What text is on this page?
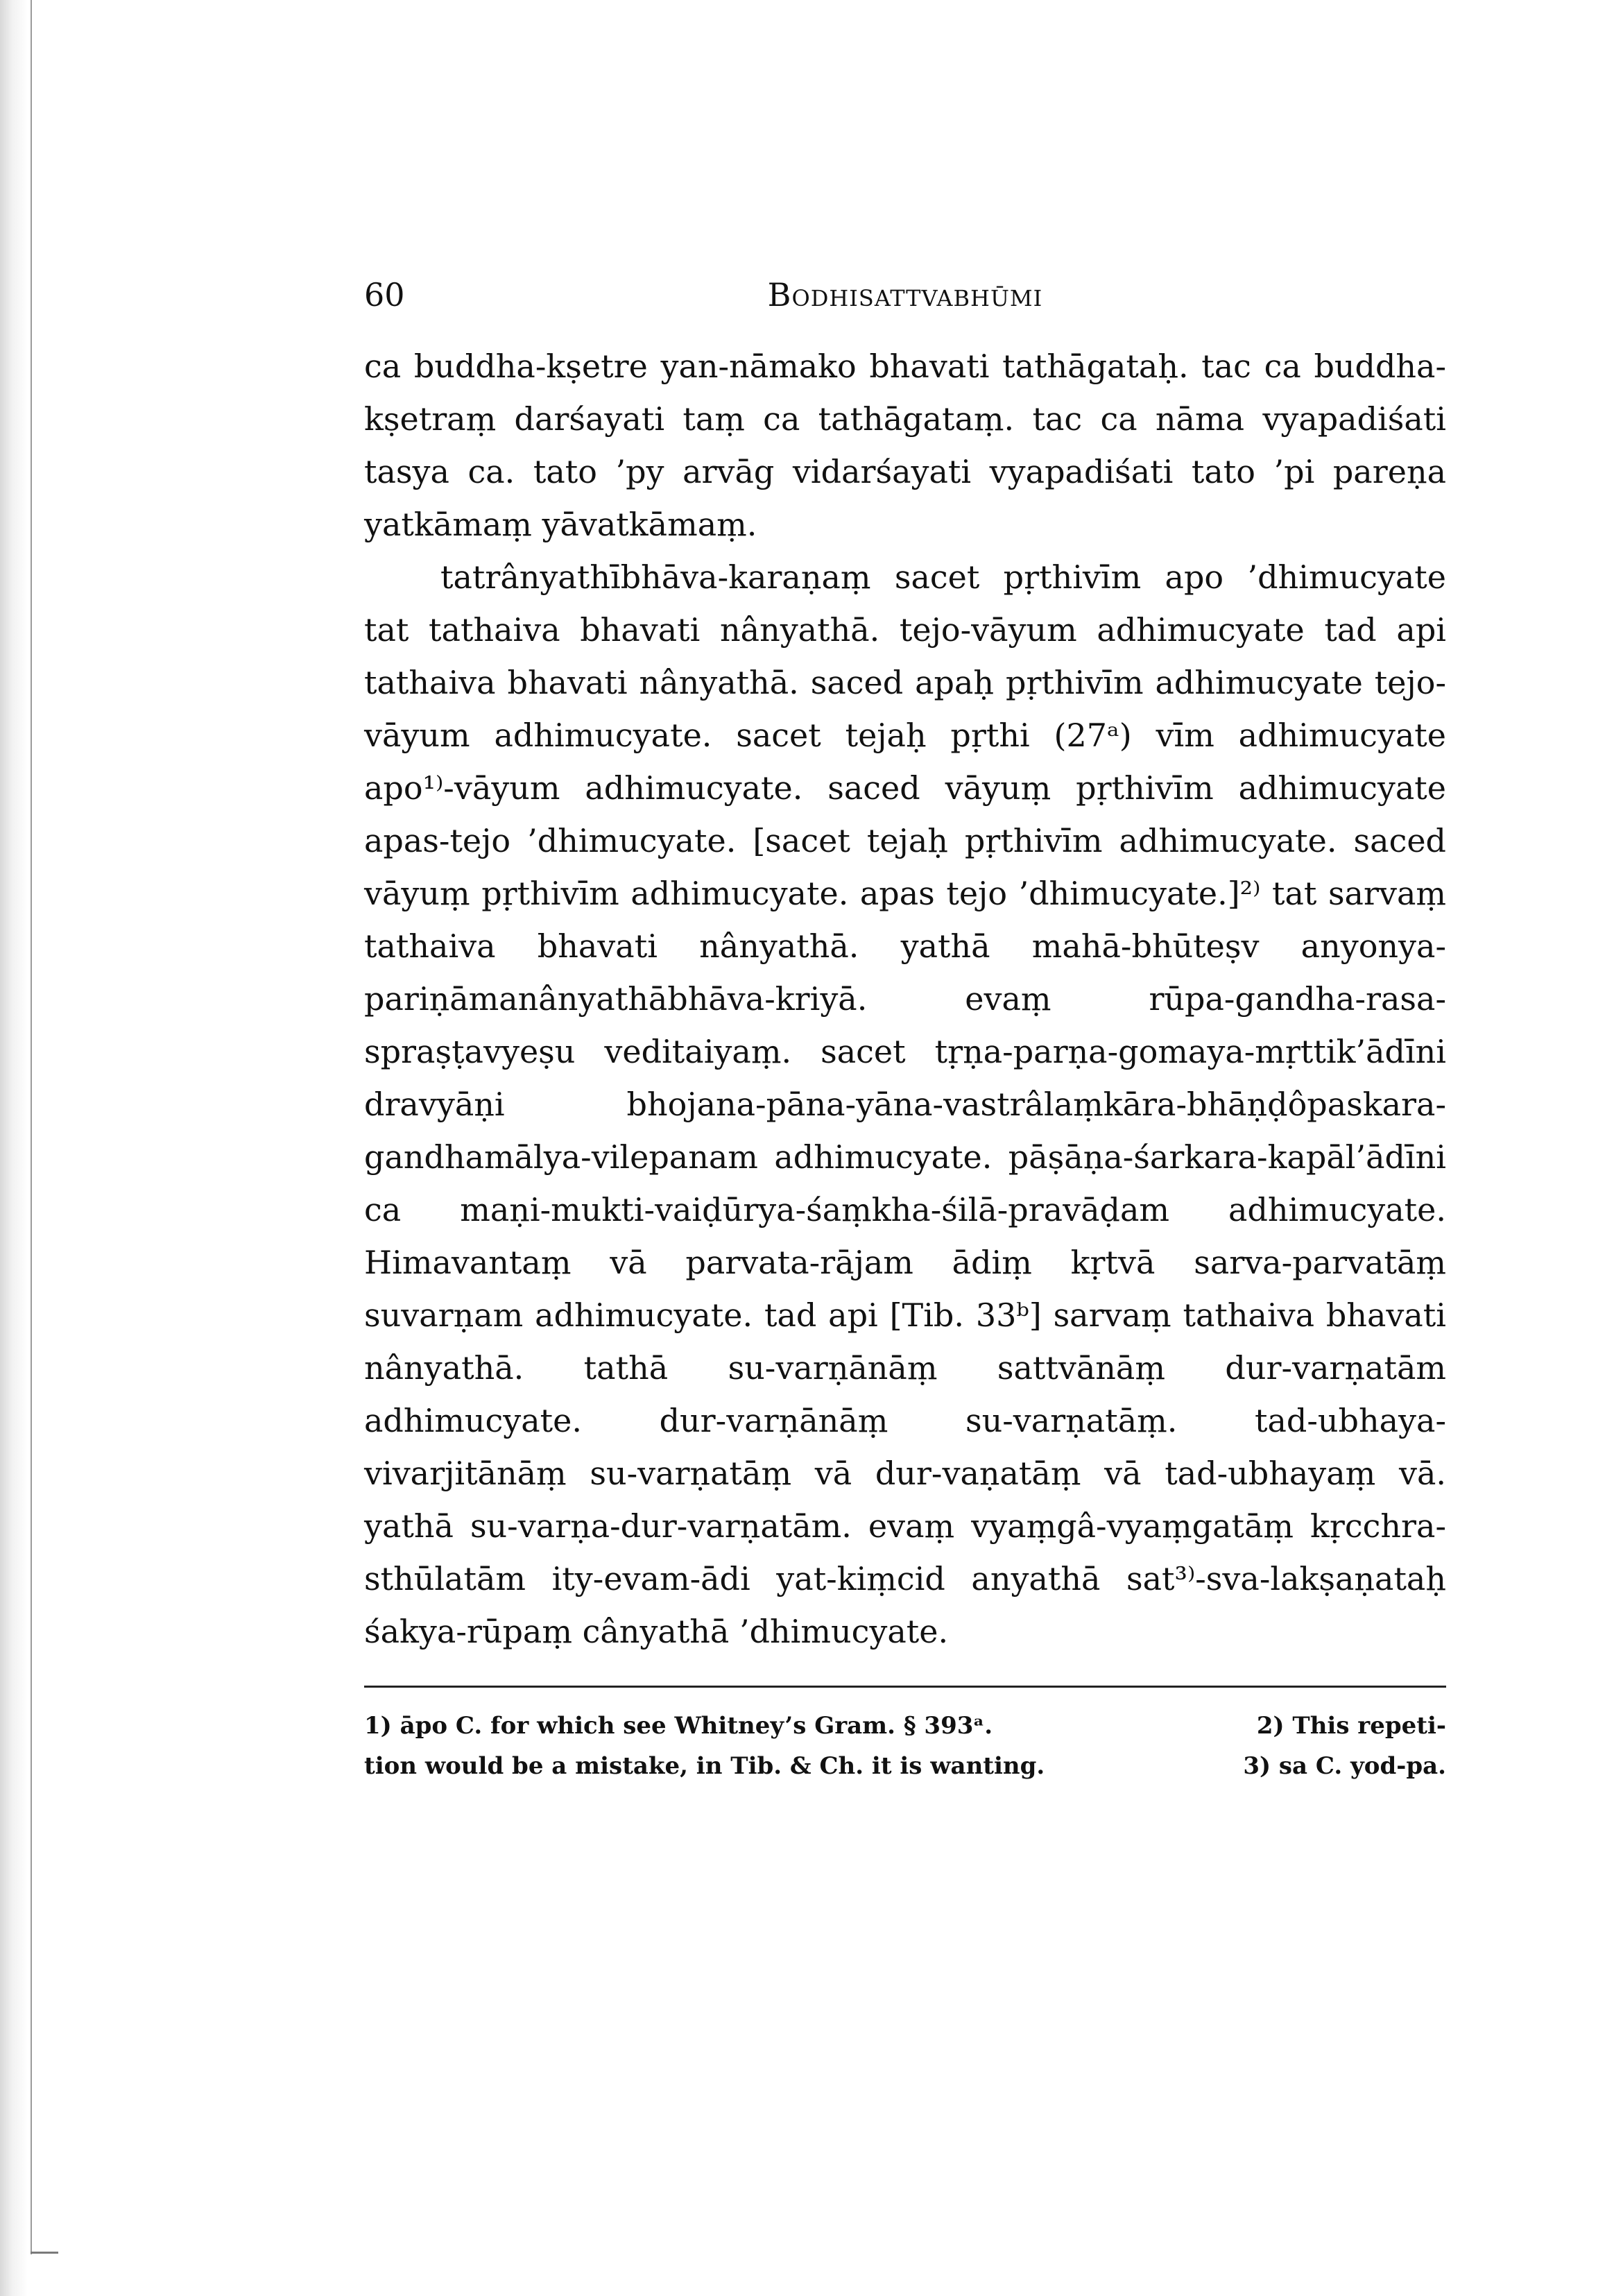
60	Bodhisattvabhūmi

ca buddha-kṣetre yan-nāmako bhavati tathāgataḥ. tac ca buddha-kṣetraṃ darśayati taṃ ca tathāgataṃ. tac ca nāma vyapadiśati tasya ca. tato ’py arvāg vidarśayati vyapadiśati tato ’pi pareṇa yatkāmaṃ yāvatkāmaṃ.

tatrânyathībhāva-karaṇaṃ sacet pṛthivīm apo ’dhimucyate tat tathaiva bhavati nânyathā. tejo-vāyum adhimucyate tad api tathaiva bhavati nânyathā. saced apaḥ pṛthivīm adhimucyate tejo-vāyum adhimucyate. sacet tejaḥ pṛthi (27ᵃ) vīm adhimucyate apo¹⁾-vāyum adhimucyate. saced vāyuṃ pṛthivīm adhimucyate apas-tejo ’dhimucyate. [sacet tejaḥ pṛthivīm adhimucyate. saced vāyuṃ pṛthivīm adhimucyate. apas tejo ’dhimucyate.]²⁾ tat sarvaṃ tathaiva bhavati nânyathā. yathā mahā-bhūteṣv anyonya-pariṇāmanânyathābhāva-kriyā. evaṃ rūpa-gandha-rasa-spraṣṭavyeṣu veditaiyaṃ. sacet tṛṇa-parṇa-gomaya-mṛttik’ādīni dravyāṇi bhojana-pāna-yāna-vastrâlaṃkāra-bhāṇḍôpaskara-gandhamālya-vilepanam adhimucyate. pāṣāṇa-śarkara-kapāl’ādīni ca maṇi-mukti-vaiḍūrya-śaṃkha-śilā-pravāḍam adhimucyate. Himavantaṃ vā parvata-rājam ādiṃ kṛtvā sarva-parvatāṃ suvarṇam adhimucyate. tad api [Tib. 33ᵇ] sarvaṃ tathaiva bhavati nânyathā. tathā su-varṇānāṃ sattvānāṃ dur-varṇatām adhimucyate. dur-varṇānāṃ su-varṇatāṃ. tad-ubhaya-vivarjitānāṃ su-varṇatāṃ vā dur-vaṇatāṃ vā tad-ubhayaṃ vā. yathā su-varṇa-dur-varṇatām. evaṃ vyaṃgâ-vyaṃgatāṃ kṛcchra-sthūlatām ity-evam-ādi yat-kiṃcid anyathā sat³⁾-sva-lakṣaṇataḥ śakya-rūpaṃ cânyathā ’dhimucyate.

1) āpo C. for which see Whitney’s Gram. § 393ᵃ.	2) This repeti-
tion would be a mistake, in Tib. & Ch. it is wanting.	3) sa C. yod-pa.
